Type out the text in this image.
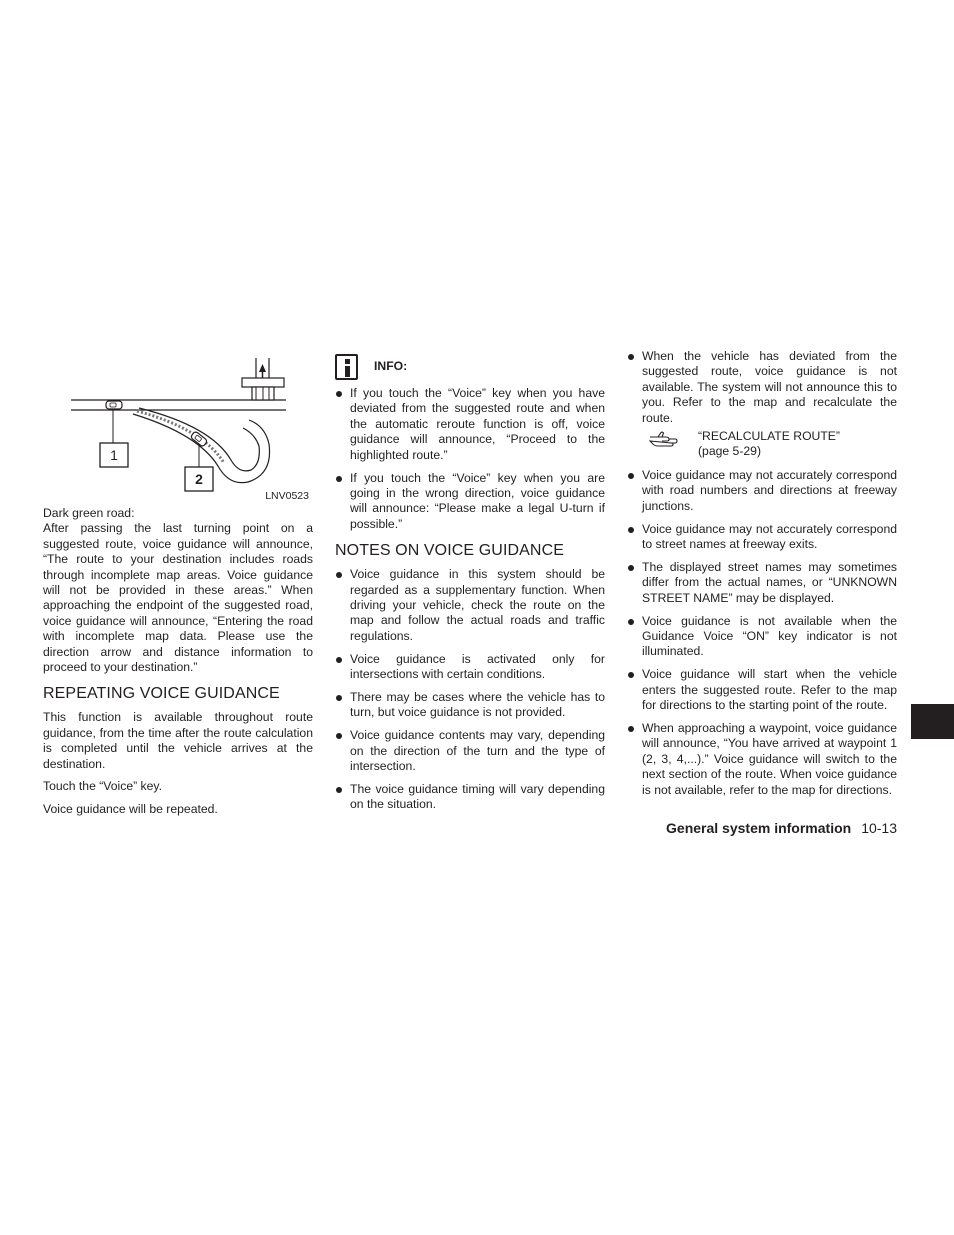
1
2
LNV0523

Dark green road:

After passing the last turning point on a suggested route, voice guidance will announce, “The route to your destination includes roads through incomplete map areas. Voice guidance will not be provided in these areas.” When approaching the endpoint of the suggested road, voice guidance will announce, “Entering the road with incomplete map data. Please use the direction arrow and distance information to proceed to your destination.”

REPEATING VOICE GUIDANCE

This function is available throughout route guidance, from the time after the route calculation is completed until the vehicle arrives at the destination.

Touch the “Voice” key.

Voice guidance will be repeated.

INFO:
If you touch the “Voice” key when you have deviated from the suggested route and when the automatic reroute function is off, voice guidance will announce, “Proceed to the highlighted route.”
If you touch the “Voice” key when you are going in the wrong direction, voice guidance will announce: “Please make a legal U-turn if possible.”
NOTES ON VOICE GUIDANCE
Voice guidance in this system should be regarded as a supplementary function. When driving your vehicle, check the route on the map and follow the actual roads and traffic regulations.
Voice guidance is activated only for intersections with certain conditions.
There may be cases where the vehicle has to turn, but voice guidance is not provided.
Voice guidance contents may vary, depending on the direction of the turn and the type of intersection.
The voice guidance timing will vary depending on the situation.
When the vehicle has deviated from the suggested route, voice guidance is not available. The system will not announce this to you. Refer to the map and recalculate the route.
“RECALCULATE ROUTE”
(page 5-29)
Voice guidance may not accurately correspond with road numbers and directions at freeway junctions.
Voice guidance may not accurately correspond to street names at freeway exits.
The displayed street names may sometimes differ from the actual names, or “UNKNOWN STREET NAME” may be displayed.
Voice guidance is not available when the Guidance Voice “ON” key indicator is not illuminated.
Voice guidance will start when the vehicle enters the suggested route. Refer to the map for directions to the starting point of the route.
When approaching a waypoint, voice guidance will announce, “You have arrived at waypoint 1 (2, 3, 4,...).” Voice guidance will switch to the next section of the route. When voice guidance is not available, refer to the map for directions.
General system information 10-13
